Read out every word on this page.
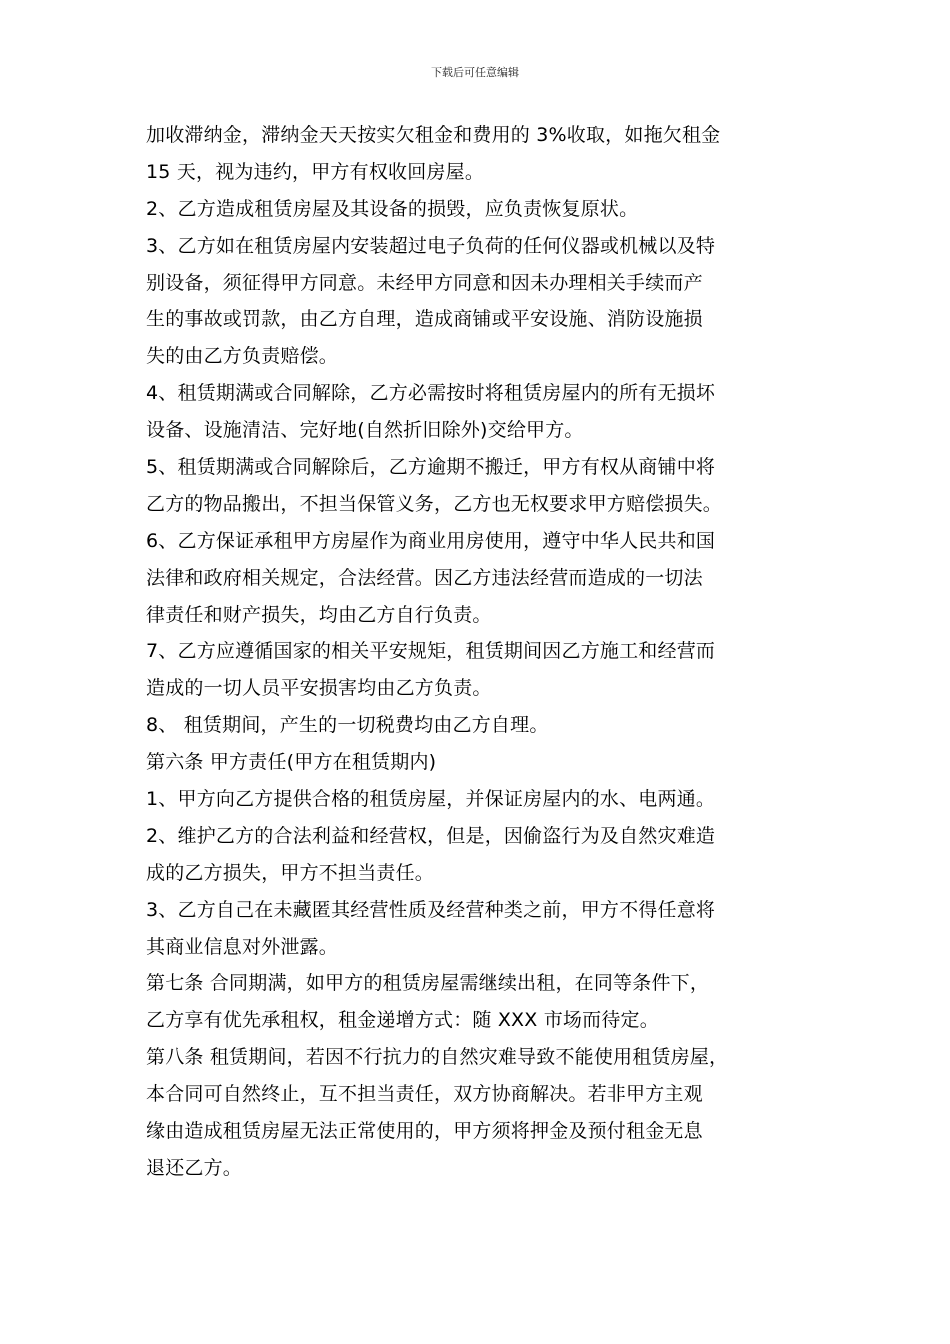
下载后可任意编辑
加收滞纳金，滞纳金天天按实欠租金和费用的 3%收取，如拖欠租金
15 天，视为违约，甲方有权收回房屋。
2、乙方造成租赁房屋及其设备的损毁，应负责恢复原状。
3、乙方如在租赁房屋内安装超过电子负荷的任何仪器或机械以及特
别设备，须征得甲方同意。未经甲方同意和因未办理相关手续而产
生的事故或罚款，由乙方自理，造成商铺或平安设施、消防设施损
失的由乙方负责赔偿。
4、租赁期满或合同解除，乙方必需按时将租赁房屋内的所有无损坏
设备、设施清洁、完好地(自然折旧除外)交给甲方。
5、租赁期满或合同解除后，乙方逾期不搬迁，甲方有权从商铺中将
乙方的物品搬出，不担当保管义务，乙方也无权要求甲方赔偿损失。
6、乙方保证承租甲方房屋作为商业用房使用，遵守中华人民共和国
法律和政府相关规定，合法经营。因乙方违法经营而造成的一切法
律责任和财产损失，均由乙方自行负责。
7、乙方应遵循国家的相关平安规矩，租赁期间因乙方施工和经营而
造成的一切人员平安损害均由乙方负责。
8、 租赁期间，产生的一切税费均由乙方自理。
第六条 甲方责任(甲方在租赁期内)
1、甲方向乙方提供合格的租赁房屋，并保证房屋内的水、电两通。
2、维护乙方的合法利益和经营权，但是，因偷盗行为及自然灾难造
成的乙方损失，甲方不担当责任。
3、乙方自己在未藏匿其经营性质及经营种类之前，甲方不得任意将
其商业信息对外泄露。
第七条 合同期满，如甲方的租赁房屋需继续出租，在同等条件下，
乙方享有优先承租权，租金递增方式：随 XXX 市场而待定。
第八条 租赁期间，若因不行抗力的自然灾难导致不能使用租赁房屋，
本合同可自然终止，互不担当责任，双方协商解决。若非甲方主观
缘由造成租赁房屋无法正常使用的，甲方须将押金及预付租金无息
退还乙方。
